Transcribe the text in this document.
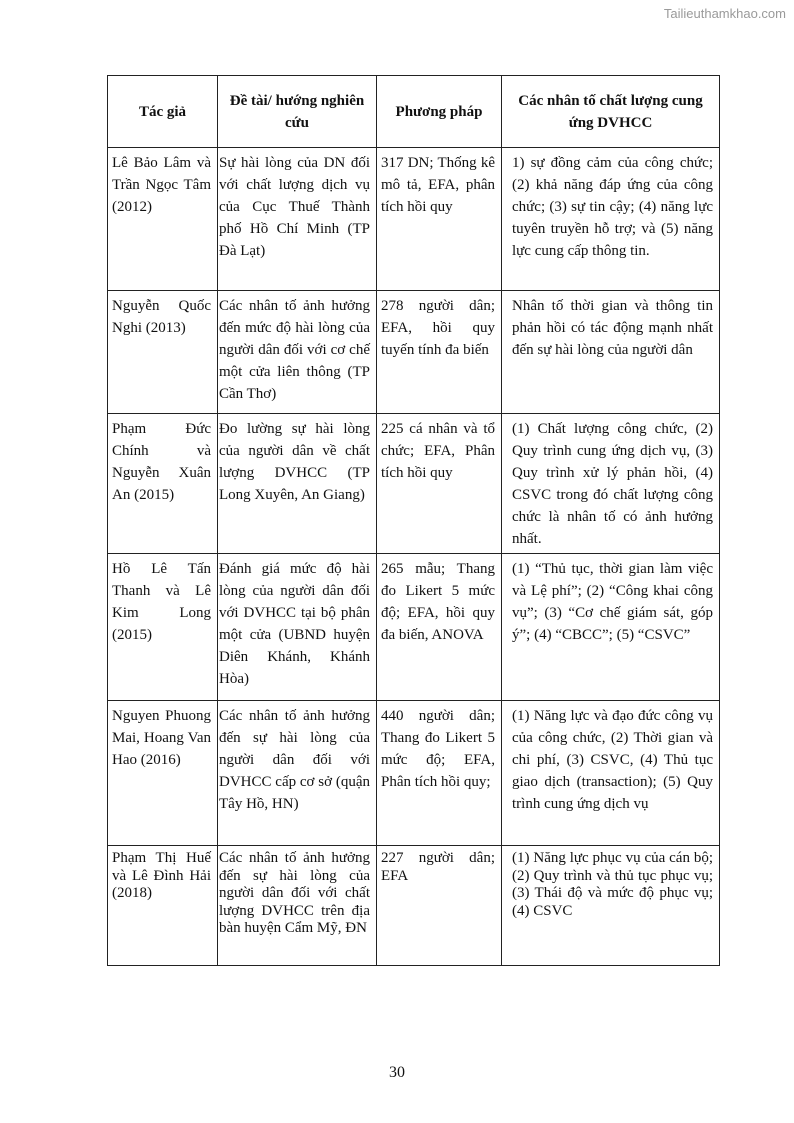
Tailieuthamkhao.com
Tác giả	Đề tài/ hướng nghiên cứu	Phương pháp	Các nhân tố chất lượng cung ứng DVHCC
Lê Bảo Lâm và Trần Ngọc Tâm (2012)	Sự hài lòng của DN đối với chất lượng dịch vụ của Cục Thuế Thành phố Hồ Chí Minh (TP Đà Lạt)	317 DN; Thống kê mô tả, EFA, phân tích hồi quy	1) sự đồng cảm của công chức; (2) khả năng đáp ứng của công chức; (3) sự tin cậy; (4) năng lực tuyên truyền hỗ trợ; và (5) năng lực cung cấp thông tin.
Nguyễn Quốc Nghi (2013)	Các nhân tố ảnh hưởng đến mức độ hài lòng của người dân đối với cơ chế một cửa liên thông (TP Cần Thơ)	278 người dân; EFA, hồi quy tuyến tính đa biến	Nhân tố thời gian và thông tin phản hồi có tác động mạnh nhất đến sự hài lòng của người dân
Phạm Đức Chính và Nguyễn Xuân An (2015)	Đo lường sự hài lòng của người dân về chất lượng DVHCC (TP Long Xuyên, An Giang)	225 cá nhân và tổ chức; EFA, Phân tích hồi quy	(1) Chất lượng công chức, (2) Quy trình cung ứng dịch vụ, (3) Quy trình xử lý phản hồi, (4) CSVC trong đó chất lượng công chức là nhân tố có ảnh hưởng nhất.
Hồ Lê Tấn Thanh và Lê Kim Long (2015)	Đánh giá mức độ hài lòng của người dân đối với DVHCC tại bộ phân một cửa (UBND huyện Diên Khánh, Khánh Hòa)	265 mẫu; Thang đo Likert 5 mức độ; EFA, hồi quy đa biến, ANOVA	(1) “Thủ tục, thời gian làm việc và Lệ phí”; (2) “Công khai công vụ”; (3) “Cơ chế giám sát, góp ý”; (4) “CBCC”; (5) “CSVC”
Nguyen Phuong Mai, Hoang Van Hao (2016)	Các nhân tố ảnh hưởng đến sự hài lòng của người dân đối với DVHCC cấp cơ sở (quận Tây Hồ, HN)	440 người dân; Thang đo Likert 5 mức độ; EFA, Phân tích hồi quy;	(1) Năng lực và đạo đức công vụ của công chức, (2) Thời gian và chi phí, (3) CSVC, (4) Thủ tục giao dịch (transaction); (5) Quy trình cung ứng dịch vụ
Phạm Thị Huế và Lê Đình Hải (2018)	Các nhân tố ảnh hưởng đến sự hài lòng của người dân đối với chất lượng DVHCC trên địa bàn huyện Cẩm Mỹ, ĐN	227 người dân; EFA	(1) Năng lực phục vụ của cán bộ; (2) Quy trình và thủ tục phục vụ; (3) Thái độ và mức độ phục vụ; (4) CSVC
30
